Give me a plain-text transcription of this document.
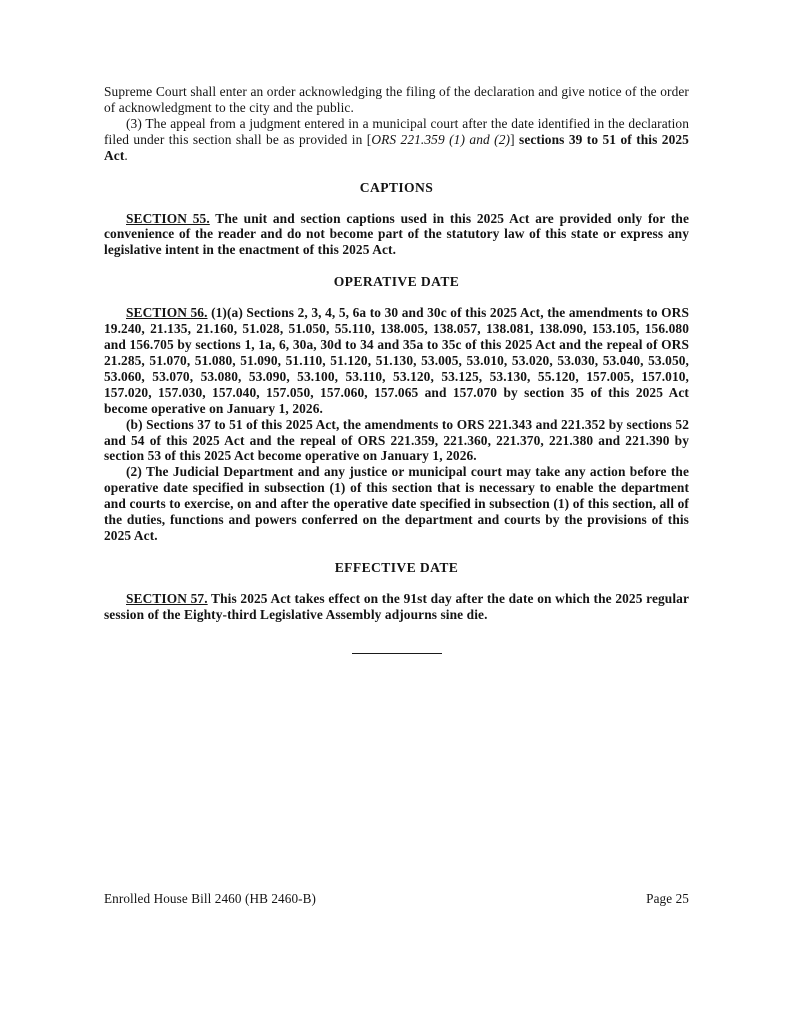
Supreme Court shall enter an order acknowledging the filing of the declaration and give notice of the order of acknowledgment to the city and the public.

(3) The appeal from a judgment entered in a municipal court after the date identified in the declaration filed under this section shall be as provided in [ORS 221.359 (1) and (2)] sections 39 to 51 of this 2025 Act.

CAPTIONS

SECTION 55. The unit and section captions used in this 2025 Act are provided only for the convenience of the reader and do not become part of the statutory law of this state or express any legislative intent in the enactment of this 2025 Act.

OPERATIVE DATE

SECTION 56. (1)(a) Sections 2, 3, 4, 5, 6a to 30 and 30c of this 2025 Act, the amendments to ORS 19.240, 21.135, 21.160, 51.028, 51.050, 55.110, 138.005, 138.057, 138.081, 138.090, 153.105, 156.080 and 156.705 by sections 1, 1a, 6, 30a, 30d to 34 and 35a to 35c of this 2025 Act and the repeal of ORS 21.285, 51.070, 51.080, 51.090, 51.110, 51.120, 51.130, 53.005, 53.010, 53.020, 53.030, 53.040, 53.050, 53.060, 53.070, 53.080, 53.090, 53.100, 53.110, 53.120, 53.125, 53.130, 55.120, 157.005, 157.010, 157.020, 157.030, 157.040, 157.050, 157.060, 157.065 and 157.070 by section 35 of this 2025 Act become operative on January 1, 2026.

(b) Sections 37 to 51 of this 2025 Act, the amendments to ORS 221.343 and 221.352 by sections 52 and 54 of this 2025 Act and the repeal of ORS 221.359, 221.360, 221.370, 221.380 and 221.390 by section 53 of this 2025 Act become operative on January 1, 2026.

(2) The Judicial Department and any justice or municipal court may take any action before the operative date specified in subsection (1) of this section that is necessary to enable the department and courts to exercise, on and after the operative date specified in subsection (1) of this section, all of the duties, functions and powers conferred on the department and courts by the provisions of this 2025 Act.

EFFECTIVE DATE

SECTION 57. This 2025 Act takes effect on the 91st day after the date on which the 2025 regular session of the Eighty-third Legislative Assembly adjourns sine die.

Enrolled House Bill 2460 (HB 2460-B)	Page 25
